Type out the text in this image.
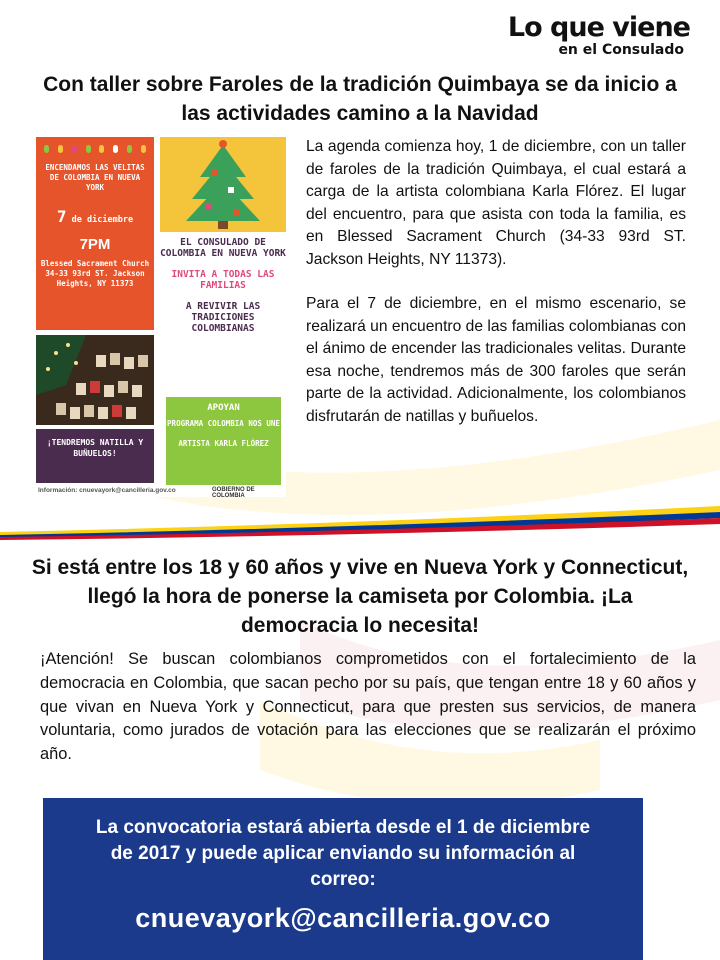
Lo que viene
en el Consulado
Con taller sobre Faroles de la tradición Quimbaya se da inicio a las actividades camino a la Navidad
ENCENDAMOS LAS VELITAS DE COLOMBIA EN NUEVA YORK
7 de diciembre
7PM
Blessed Sacrament Church 34-33 93rd ST. Jackson Heights, NY 11373
¡TENDREMOS NATILLA Y BUÑUELOS!
Información: cnuevayork@cancilleria.gov.co
EL CONSULADO DE COLOMBIA EN NUEVA YORK
INVITA A TODAS LAS FAMILIAS
A REVIVIR LAS TRADICIONES COLOMBIANAS
APOYAN
PROGRAMA COLOMBIA NOS UNE
ARTISTA KARLA FLÓREZ
GOBIERNO DE COLOMBIA

La agenda comienza hoy, 1 de diciembre, con un taller de faroles de la tradición Quimbaya, el cual estará a carga de la artista colombiana Karla Flórez. El lugar del encuentro, para que asista con toda la familia, es en Blessed Sacrament Church (34-33 93rd ST. Jackson Heights, NY 11373).

Para el 7 de diciembre, en el mismo escenario, se realizará un encuentro de las familias colombianas con el ánimo de encender las tradicionales velitas. Durante esa noche, tendremos más de 300 faroles que serán parte de la actividad. Adicionalmente, los colombianos disfrutarán de natillas y buñuelos.

Si está entre los 18 y 60 años y vive en Nueva York y Connecticut, llegó la hora de ponerse la camiseta por Colombia. ¡La democracia lo necesita!

¡Atención! Se buscan colombianos comprometidos con el fortalecimiento de la democracia en Colombia, que sacan pecho por su país, que tengan entre 18 y 60 años y que vivan en Nueva York y Connecticut, para que presten sus servicios, de manera voluntaria, como jurados de votación para las elecciones que se realizarán el próximo año.

La convocatoria estará abierta desde el 1 de diciembre de 2017 y puede aplicar enviando su información al correo:
cnuevayork@cancilleria.gov.co
